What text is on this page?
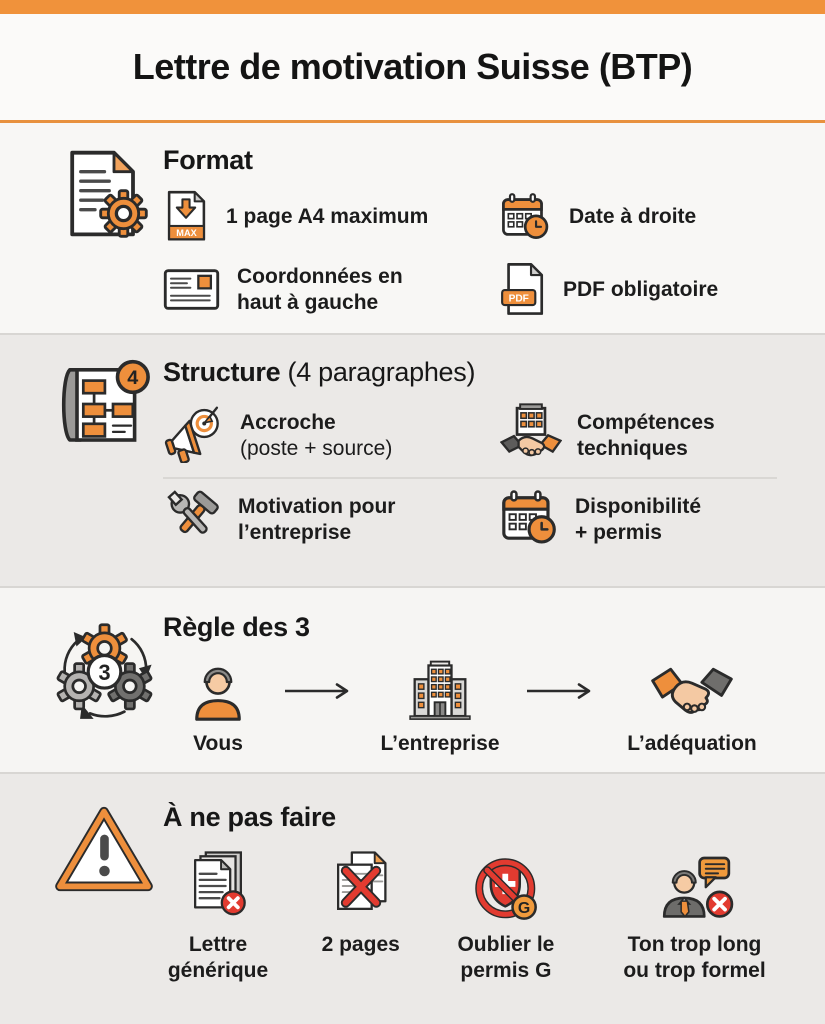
Lettre de motivation Suisse (BTP)
Format
MAX
1 page A4 maximum	Date à droite
Coordonnées en haut à gauche	PDF PDF obligatoire
4 Structure (4 paragraphes)
Accroche
(poste + source)
Compétences
techniques
Motivation pour
l’entreprise
Disponibilité
+ permis
3
Règle des 3
Vous	L’entreprise	L’adéquation
À ne pas faire
Lettre générique
2 pages
G
Oublier le permis G
Ton trop long ou trop formel
